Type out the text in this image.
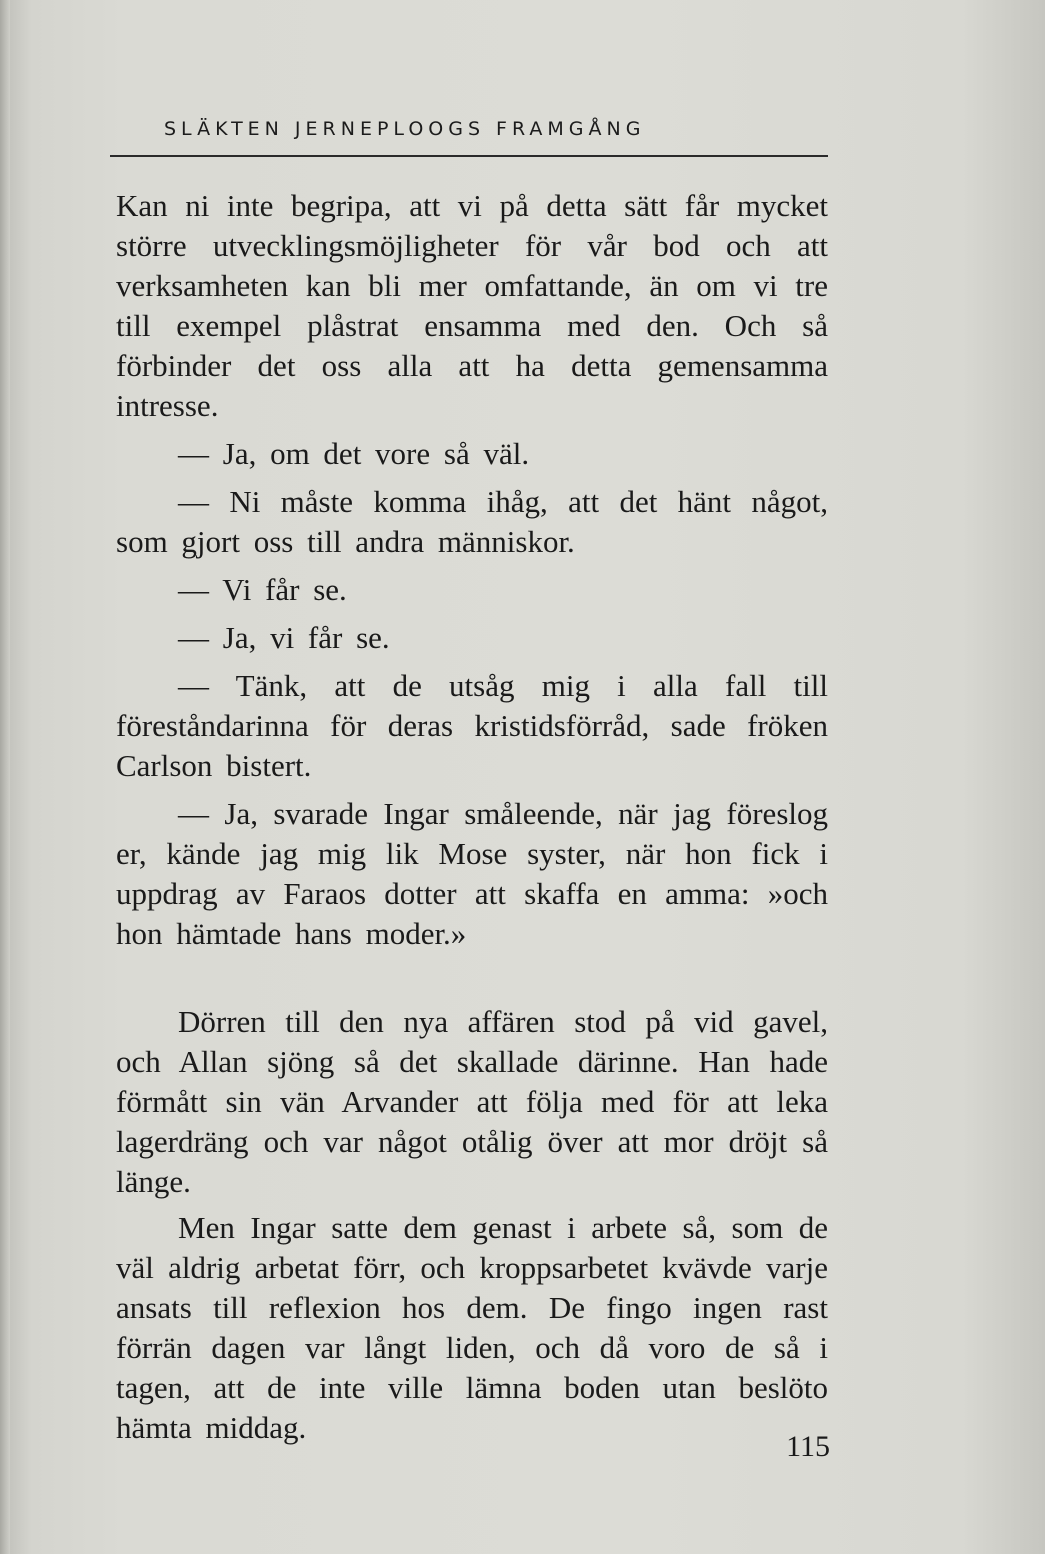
SLÄKTEN JERNEPLOOGS FRAMGÅNG

Kan ni inte begripa, att vi på detta sätt får mycket större utvecklingsmöjligheter för vår bod och att verksamheten kan bli mer omfattande, än om vi tre till exempel plåstrat ensamma med den. Och så förbinder det oss alla att ha detta gemensamma intresse.

— Ja, om det vore så väl.

— Ni måste komma ihåg, att det hänt något, som gjort oss till andra människor.

— Vi får se.

— Ja, vi får se.

— Tänk, att de utsåg mig i alla fall till föreståndarinna för deras kristidsförråd, sade fröken Carlson bistert.

— Ja, svarade Ingar småleende, när jag föreslog er, kände jag mig lik Mose syster, när hon fick i uppdrag av Faraos dotter att skaffa en amma: »och hon hämtade hans moder.»

Dörren till den nya affären stod på vid gavel, och Allan sjöng så det skallade därinne. Han hade förmått sin vän Arvander att följa med för att leka lagerdräng och var något otålig över att mor dröjt så länge.

Men Ingar satte dem genast i arbete så, som de väl aldrig arbetat förr, och kroppsarbetet kvävde varje ansats till reflexion hos dem. De fingo ingen rast förrän dagen var långt liden, och då voro de så i tagen, att de inte ville lämna boden utan beslöto hämta middag.

115
